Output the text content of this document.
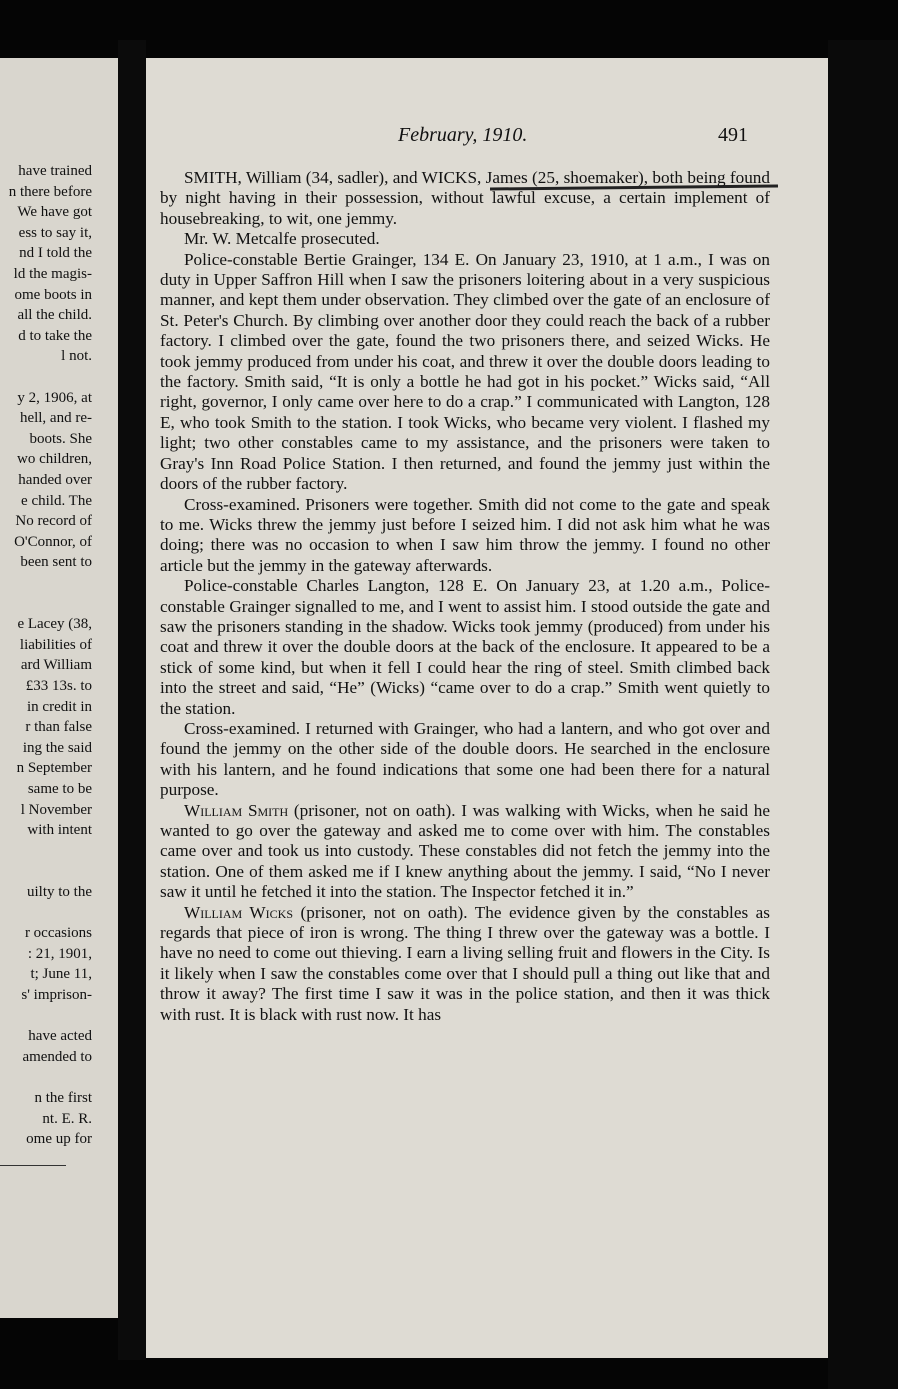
have trained
n there before
We have got
ess to say it,
nd I told the
ld the magis-
ome boots in
all the child.
d to take the
l not.
y 2, 1906, at
hell, and re-
boots. She
wo children,
handed over
e child. The
No record of
O'Connor, of
been sent to
e Lacey (38,
liabilities of
ard William
£33 13s. to
in credit in
r than false
ing the said
n September
same to be
l November
with intent
uilty to the
r occasions
: 21, 1901,
t; June 11,
s' imprison-
have acted
amended to
n the first
nt. E. R.
ome up for
February, 1910.	491

SMITH, William (34, sadler), and WICKS, James (25, shoemaker), both being found by night having in their possession, without lawful excuse, a certain implement of housebreaking, to wit, one jemmy.

Mr. W. Metcalfe prosecuted.

Police-constable Bertie Grainger, 134 E. On January 23, 1910, at 1 a.m., I was on duty in Upper Saffron Hill when I saw the prisoners loitering about in a very suspicious manner, and kept them under observation. They climbed over the gate of an enclosure of St. Peter's Church. By climbing over another door they could reach the back of a rubber factory. I climbed over the gate, found the two prisoners there, and seized Wicks. He took jemmy produced from under his coat, and threw it over the double doors leading to the factory. Smith said, “It is only a bottle he had got in his pocket.” Wicks said, “All right, governor, I only came over here to do a crap.” I communicated with Langton, 128 E, who took Smith to the station. I took Wicks, who became very violent. I flashed my light; two other constables came to my assistance, and the prisoners were taken to Gray's Inn Road Police Station. I then returned, and found the jemmy just within the doors of the rubber factory.

Cross-examined. Prisoners were together. Smith did not come to the gate and speak to me. Wicks threw the jemmy just before I seized him. I did not ask him what he was doing; there was no occasion to when I saw him throw the jemmy. I found no other article but the jemmy in the gateway afterwards.

Police-constable Charles Langton, 128 E. On January 23, at 1.20 a.m., Police-constable Grainger signalled to me, and I went to assist him. I stood outside the gate and saw the prisoners standing in the shadow. Wicks took jemmy (produced) from under his coat and threw it over the double doors at the back of the enclosure. It appeared to be a stick of some kind, but when it fell I could hear the ring of steel. Smith climbed back into the street and said, “He” (Wicks) “came over to do a crap.” Smith went quietly to the station.

Cross-examined. I returned with Grainger, who had a lantern, and who got over and found the jemmy on the other side of the double doors. He searched in the enclosure with his lantern, and he found indications that some one had been there for a natural purpose.

William Smith (prisoner, not on oath). I was walking with Wicks, when he said he wanted to go over the gateway and asked me to come over with him. The constables came over and took us into custody. These constables did not fetch the jemmy into the station. One of them asked me if I knew anything about the jemmy. I said, “No I never saw it until he fetched it into the station. The Inspector fetched it in.”

William Wicks (prisoner, not on oath). The evidence given by the constables as regards that piece of iron is wrong. The thing I threw over the gateway was a bottle. I have no need to come out thieving. I earn a living selling fruit and flowers in the City. Is it likely when I saw the constables come over that I should pull a thing out like that and throw it away? The first time I saw it was in the police station, and then it was thick with rust. It is black with rust now. It has
